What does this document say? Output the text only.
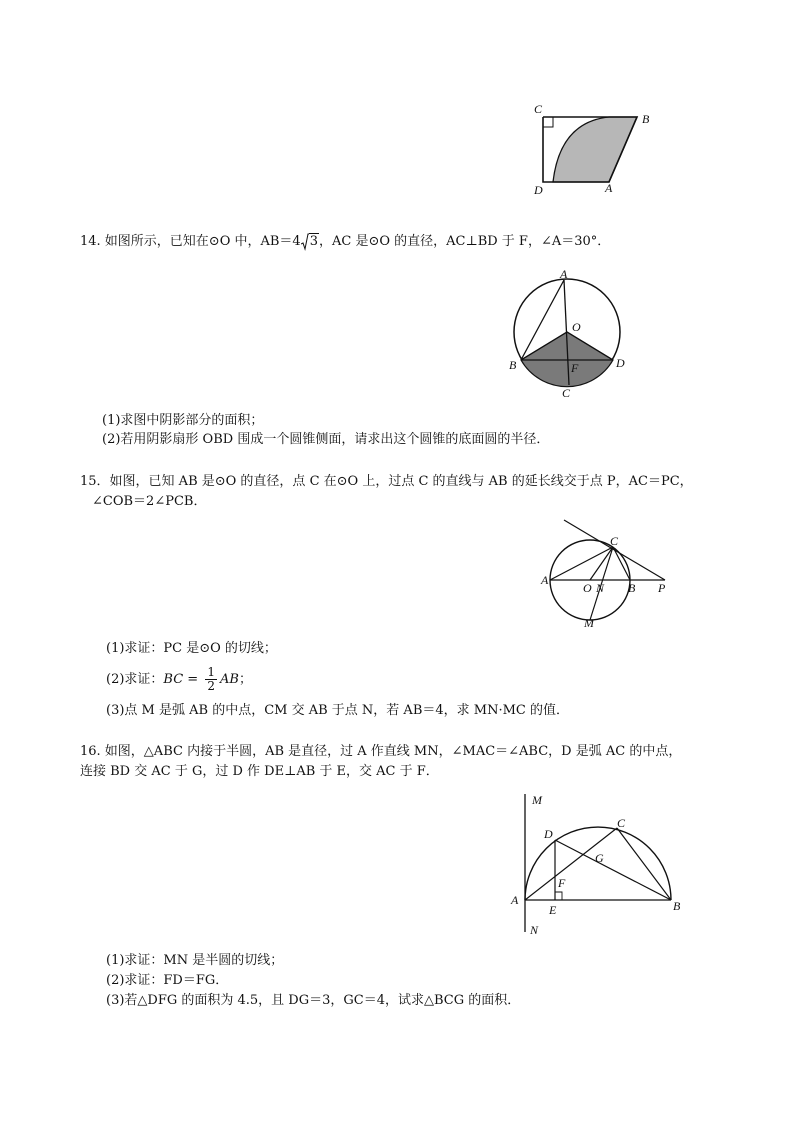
C
B
D	A
14. 如图所示，已知在⊙O 中，AB＝4 3，AC 是⊙O 的直径，AC⊥BD 于 F，∠A＝30°．
A
O
B	D
F
C
(1)求图中阴影部分的面积；
(2)若用阴影扇形 OBD 围成一个圆锥侧面，请求出这个圆锥的底面圆的半径．
15．如图，已知 AB 是⊙O 的直径，点 C 在⊙O 上，过点 C 的直线与 AB 的延长线交于点 P，AC＝PC，
∠COB＝2∠PCB．
C
A
O N B P
M
(1)求证：PC 是⊙O 的切线；
(2)求证：BC = $\frac{1}{2}$ AB；
(3)点 M 是弧 AB 的中点，CM 交 AB 于点 N，若 AB＝4，求 MN·MC 的值．
16. 如图，△ABC 内接于半圆，AB 是直径，过 A 作直线 MN，∠MAC＝∠ABC，D 是弧 AC 的中点，
连接 BD 交 AC 于 G，过 D 作 DE⊥AB 于 E，交 AC 于 F．
M
D
C
G
F
A
E	B
N
(1)求证：MN 是半圆的切线；
(2)求证：FD＝FG．
(3)若△DFG 的面积为 4.5，且 DG＝3，GC＝4，试求△BCG 的面积．
